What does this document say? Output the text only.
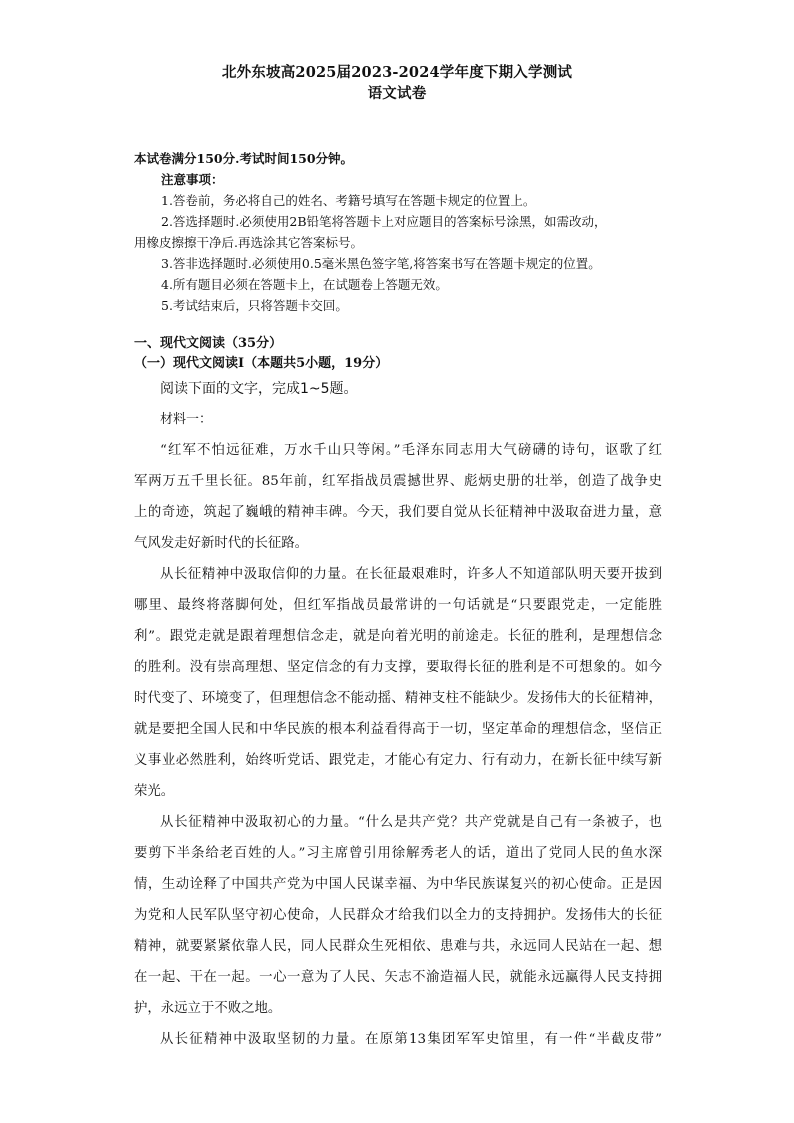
北外东坡高2025届2023-2024学年度下期入学测试
语文试卷
本试卷满分150分.考试时间150分钟。
注意事项：
1.答卷前，务必将自己的姓名、考籍号填写在答题卡规定的位置上。
2.答选择题时.必须使用2B铅笔将答题卡上对应题目的答案标号涂黑，如需改动，
用橡皮擦擦干净后.再选涂其它答案标号。
3.答非选择题时.必须使用0.5毫米黑色签字笔,将答案书写在答题卡规定的位置。
4.所有题目必须在答题卡上，在试题卷上答题无效。
5.考试结束后，只将答题卡交回。
一、现代文阅读（35分）
（一）现代文阅读Ⅰ（本题共5小题，19分）
阅读下面的文字，完成1~5题。
材料一：
“红军不怕远征难，万水千山只等闲。”毛泽东同志用大气磅礴的诗句，讴歌了红
军两万五千里长征。85年前，红军指战员震撼世界、彪炳史册的壮举，创造了战争史
上的奇迹，筑起了巍峨的精神丰碑。今天，我们要自觉从长征精神中汲取奋进力量，意
气风发走好新时代的长征路。
从长征精神中汲取信仰的力量。在长征最艰难时，许多人不知道部队明天要开拔到
哪里、最终将落脚何处，但红军指战员最常讲的一句话就是“只要跟党走，一定能胜
利”。跟党走就是跟着理想信念走，就是向着光明的前途走。长征的胜利，是理想信念
的胜利。没有崇高理想、坚定信念的有力支撑，要取得长征的胜利是不可想象的。如今
时代变了、环境变了，但理想信念不能动摇、精神支柱不能缺少。发扬伟大的长征精神，
就是要把全国人民和中华民族的根本利益看得高于一切，坚定革命的理想信念，坚信正
义事业必然胜利，始终听党话、跟党走，才能心有定力、行有动力，在新长征中续写新
荣光。
从长征精神中汲取初心的力量。“什么是共产党？共产党就是自己有一条被子，也
要剪下半条给老百姓的人。”习主席曾引用徐解秀老人的话，道出了党同人民的鱼水深
情，生动诠释了中国共产党为中国人民谋幸福、为中华民族谋复兴的初心使命。正是因
为党和人民军队坚守初心使命，人民群众才给我们以全力的支持拥护。发扬伟大的长征
精神，就要紧紧依靠人民，同人民群众生死相依、患难与共，永远同人民站在一起、想
在一起、干在一起。一心一意为了人民、矢志不渝造福人民，就能永远赢得人民支持拥
护，永远立于不败之地。
从长征精神中汲取坚韧的力量。在原第13集团军军史馆里，有一件“半截皮带”
